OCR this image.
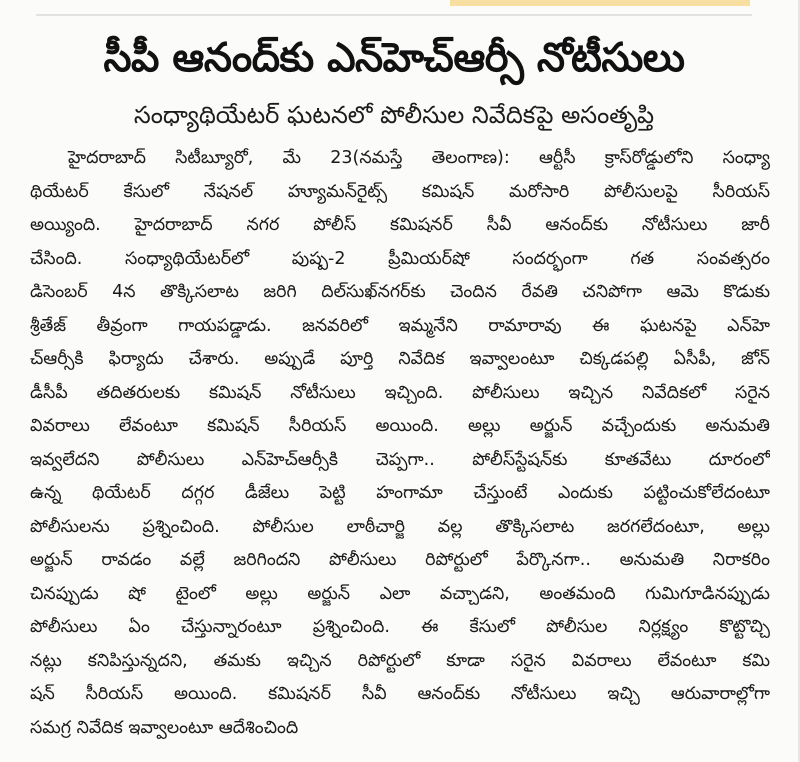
సీపీ ఆనంద్‌కు ఎన్‌హెచ్‌ఆర్సీ నోటీసులు
సంధ్యాథియేటర్ ఘటనలో పోలీసుల నివేదికపై అసంతృప్తి
హైదరాబాద్ సిటీబ్యూరో, మే 23(నమస్తే తెలంగాణ): ఆర్టీసీ క్రాస్‌రోడ్డులోని సంధ్యా
థియేటర్ కేసులో నేషనల్ హ్యూమన్‌రైట్స్ కమిషన్ మరోసారి పోలీసులపై సీరియస్
అయ్యింది. హైదరాబాద్ నగర పోలీస్ కమిషనర్ సీవీ ఆనంద్‌కు నోటీసులు జారీ
చేసింది. సంధ్యాథియేటర్‌లో పుష్ప-2 ప్రీమియర్‌షో సందర్భంగా గత సంవత్సరం
డిసెంబర్ 4న తొక్కిసలాట జరిగి దిల్‌సుఖ్‌నగర్‌కు చెందిన రేవతి చనిపోగా ఆమె కొడుకు
శ్రీతేజ్ తీవ్రంగా గాయపడ్డాడు. జనవరిలో ఇమ్మనేని రామారావు ఈ ఘటనపై ఎన్‌హె
చ్‌ఆర్సీకి ఫిర్యాదు చేశారు. అప్పుడే పూర్తి నివేదిక ఇవ్వాలంటూ చిక్కడపల్లి ఏసీపీ, జోన్
డీసీపీ తదితరులకు కమిషన్ నోటీసులు ఇచ్చింది. పోలీసులు ఇచ్చిన నివేదికలో సరైన
వివరాలు లేవంటూ కమిషన్ సీరియస్ అయింది. అల్లు అర్జున్ వచ్చేందుకు అనుమతి
ఇవ్వలేదని పోలీసులు ఎన్‌హెచ్‌ఆర్సీకి చెప్పగా.. పోలీస్‌స్టేషన్‌కు కూతవేటు దూరంలో
ఉన్న థియేటర్ దగ్గర డీజేలు పెట్టి హంగామా చేస్తుంటే ఎందుకు పట్టించుకోలేదంటూ
పోలీసులను ప్రశ్నించింది. పోలీసుల లాఠీచార్జి వల్ల తొక్కిసలాట జరగలేదంటూ, అల్లు
అర్జున్ రావడం వల్లే జరిగిందని పోలీసులు రిపోర్టులో పేర్కొనగా.. అనుమతి నిరాకరిం
చినప్పుడు షో టైంలో అల్లు అర్జున్ ఎలా వచ్చాడని, అంతమంది గుమిగూడినప్పుడు
పోలీసులు ఏం చేస్తున్నారంటూ ప్రశ్నించింది. ఈ కేసులో పోలీసుల నిర్లక్ష్యం కొట్టొచ్చి
నట్లు కనిపిస్తున్నదని, తమకు ఇచ్చిన రిపోర్టులో కూడా సరైన వివరాలు లేవంటూ కమి
షన్ సీరియస్ అయింది. కమిషనర్ సీవీ ఆనంద్‌కు నోటీసులు ఇచ్చి ఆరువారాల్లోగా
సమగ్ర నివేదిక ఇవ్వాలంటూ ఆదేశించింది
